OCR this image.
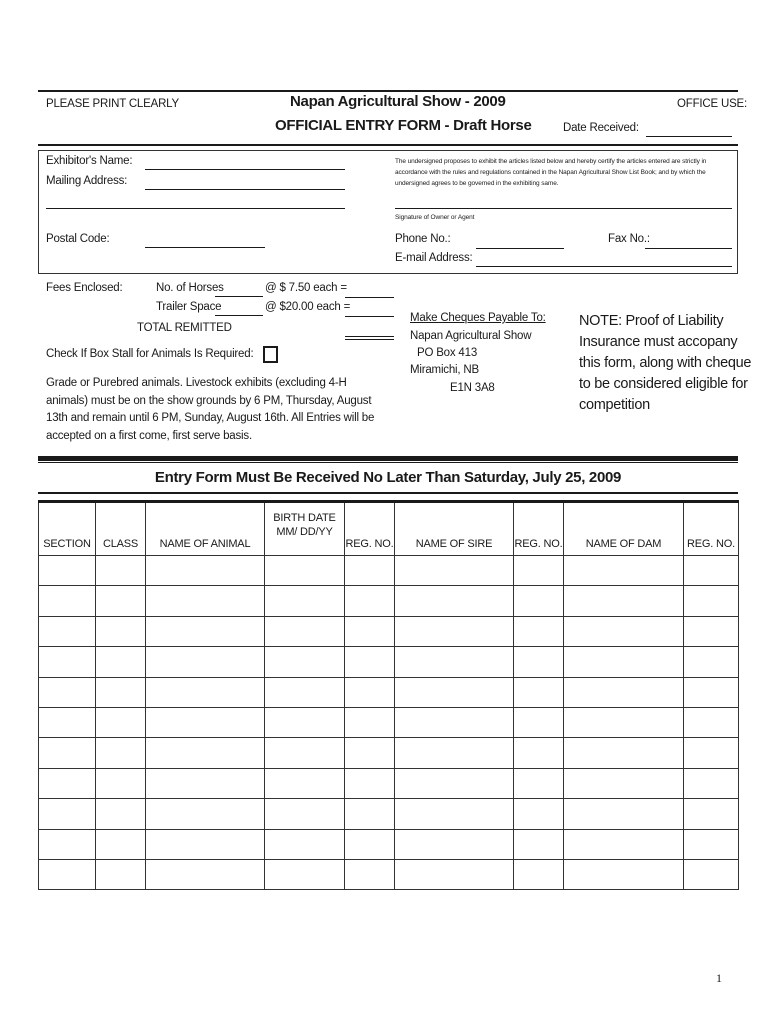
PLEASE PRINT CLEARLY	Napan Agricultural Show - 2009
OFFICIAL ENTRY FORM - Draft Horse
OFFICE USE:
Date Received:
Exhibitor's Name:
Mailing Address:
The undersigned proposes to exhibit the articles listed below and hereby certify the articles entered are strictly in accordance with the rules and regulations contained in the Napan Agricultural Show List Book; and by which the undersigned agrees to be governed in the exhibiting same.
Signature of Owner or Agent
Postal Code:	Phone No.:	Fax No.:
E-mail Address:
Fees Enclosed:	No. of Horses	@ $ 7.50 each =
Trailer Space	@ $20.00 each =
TOTAL REMITTED
Check If Box Stall for Animals Is Required:
Grade or Purebred animals. Livestock exhibits (excluding 4-H animals) must be on the show grounds by 6 PM, Thursday, August 13th and remain until 6 PM, Sunday, August 16th. All Entries will be accepted on a first come, first serve basis.
Make Cheques Payable To:
Napan Agricultural Show
PO Box 413
Miramichi, NB
E1N 3A8
NOTE: Proof of Liability
Insurance must accopany
this form, along with cheque
to be considered eligible for
competition
Entry Form Must Be Received No Later Than Saturday, July 25, 2009
SECTION	CLASS	NAME OF ANIMAL	BIRTH DATE MM/ DD/YY	REG. NO.	NAME OF SIRE	REG. NO.	NAME OF DAM	REG. NO.

1
